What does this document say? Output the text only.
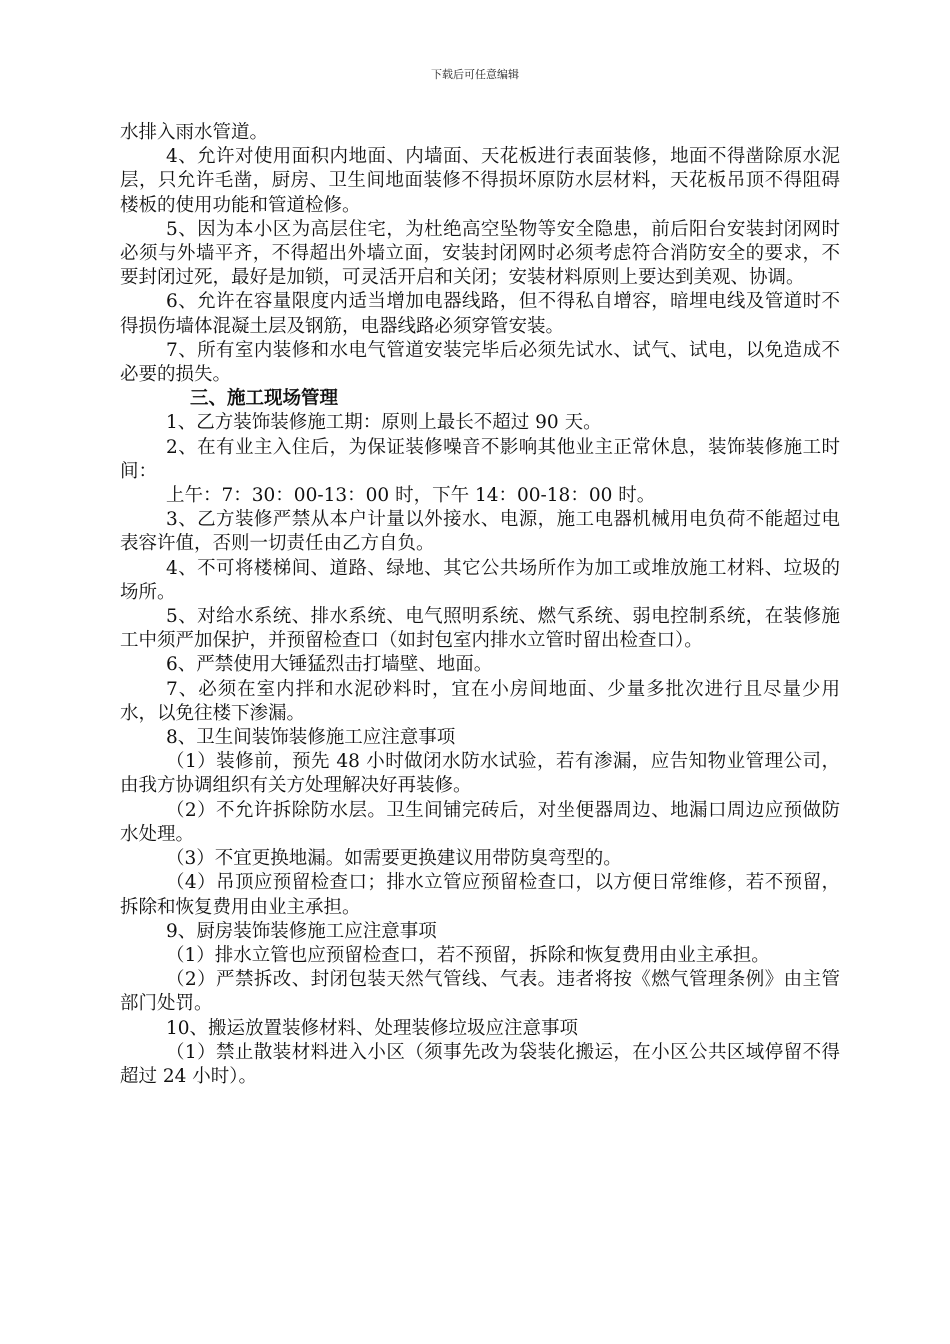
下载后可任意编辑

水排入雨水管道。

4、允许对使用面积内地面、内墙面、天花板进行表面装修，地面不得凿除原水泥层，只允许毛凿，厨房、卫生间地面装修不得损坏原防水层材料，天花板吊顶不得阻碍楼板的使用功能和管道检修。

5、因为本小区为高层住宅，为杜绝高空坠物等安全隐患，前后阳台安装封闭网时必须与外墙平齐，不得超出外墙立面，安装封闭网时必须考虑符合消防安全的要求，不要封闭过死，最好是加锁，可灵活开启和关闭；安装材料原则上要达到美观、协调。

6、允许在容量限度内适当增加电器线路，但不得私自增容，暗埋电线及管道时不得损伤墙体混凝土层及钢筋，电器线路必须穿管安装。

7、所有室内装修和水电气管道安装完毕后必须先试水、试气、试电，以免造成不必要的损失。

三、施工现场管理

1、乙方装饰装修施工期：原则上最长不超过 90 天。

2、在有业主入住后，为保证装修噪音不影响其他业主正常休息，装饰装修施工时间：

上午：7：30：00-13：00 时，下午 14：00-18：00 时。

3、乙方装修严禁从本户计量以外接水、电源，施工电器机械用电负荷不能超过电表容许值，否则一切责任由乙方自负。

4、不可将楼梯间、道路、绿地、其它公共场所作为加工或堆放施工材料、垃圾的场所。

5、对给水系统、排水系统、电气照明系统、燃气系统、弱电控制系统，在装修施工中须严加保护，并预留检查口（如封包室内排水立管时留出检查口）。

6、严禁使用大锤猛烈击打墙壁、地面。

7、必须在室内拌和水泥砂料时，宜在小房间地面、少量多批次进行且尽量少用水，以免往楼下渗漏。

8、卫生间装饰装修施工应注意事项

（1）装修前，预先 48 小时做闭水防水试验，若有渗漏，应告知物业管理公司，由我方协调组织有关方处理解决好再装修。

（2）不允许拆除防水层。卫生间铺完砖后，对坐便器周边、地漏口周边应预做防水处理。

（3）不宜更换地漏。如需要更换建议用带防臭弯型的。

（4）吊顶应预留检查口；排水立管应预留检查口，以方便日常维修，若不预留，拆除和恢复费用由业主承担。

9、厨房装饰装修施工应注意事项

（1）排水立管也应预留检查口，若不预留，拆除和恢复费用由业主承担。

（2）严禁拆改、封闭包装天然气管线、气表。违者将按《燃气管理条例》由主管部门处罚。

10、搬运放置装修材料、处理装修垃圾应注意事项

（1）禁止散装材料进入小区（须事先改为袋装化搬运，在小区公共区域停留不得超过 24 小时）。
